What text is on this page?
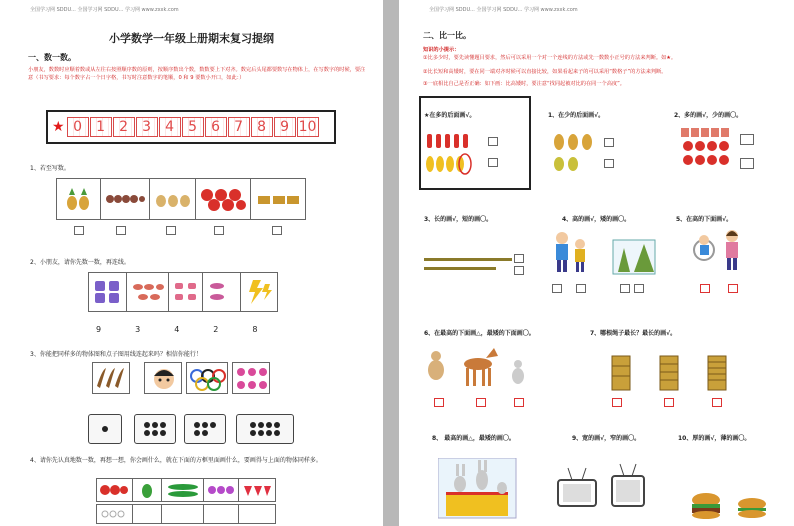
全国学习网 SDDU... 全国学习网 SDDU... 学习网 www.zxxk.com
小学数学一年级上册期末复习提纲
一、数一数。
小朋友，数数时应顺着数或从左往右按照顺序数的原则，按顺序数出个数，数数要上下对齐。数完后头尾都要数写在物体上，在写数字的时候，要注意（书写要求：每个数字占一个日字格，书写时注意数字的笔顺，0 和 9 要数小开口，如此：）
★ 0	1	2	3	4	5	6	7	8	9 10
1、若至写数。
2、小朋友，请你先数一数，再连线。
9	3	4	2	8
3、你能把同样多的物体图和点子图用线连起来吗？相信你能行！
4、请你先认真地数一数，再想一想，你会画什么，就在下面的方框里面画什么，要画得与上面的物体同样多。
全国学习网 SDDU... 全国学习网 SDDU... 学习网 www.zxxk.com
二、比一比。
知识的小提示：
①比多少时，要先读懂题目要求，然后可以采用一个对一个连线的方法或先一数数小正号的方法来判断。如★。
②比长短和高矮时，要在同一端对齐时候可以直接比较，如果看起来子的可以采用“数格子”的方法来判断。
③一底相比自己是否正确：如下画：比高矮时，要注意“找同起被对比的在同一个高度”。
★在多的后面画√。	1、在少的后面画√。	2、多的画√，少的画〇。
3、长的画√，短的画〇。	4、高的画√，矮的画〇。	5、在高的下面画√。
6、在最高的下面画△，最矮的下面画〇。	7、哪根绳子最长？最长的画√。
8、 最高的画△，最矮的画〇。	9、宽的画√，窄的画〇。	10、厚的画√，薄的画〇。
